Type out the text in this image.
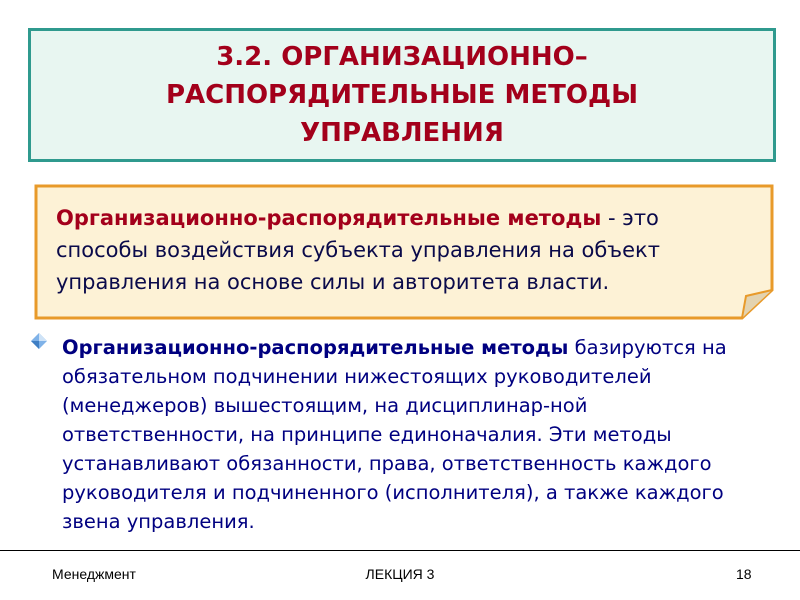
3.2. ОРГАНИЗАЦИОННО–РАСПОРЯДИТЕЛЬНЫЕ МЕТОДЫ УПРАВЛЕНИЯ
Организационно-распорядительные методы - это способы воздействия субъекта управления на объект управления на основе силы и авторитета власти.
Организационно-распорядительные методы базируются на обязательном подчинении нижестоящих руководителей (менеджеров) вышестоящим, на дисциплинар-ной ответственности, на принципе единоначалия. Эти методы устанавливают обязанности, права, ответственность каждого руководителя и подчиненного (исполнителя), а также каждого звена управления.
Менеджмент	ЛЕКЦИЯ 3	18
